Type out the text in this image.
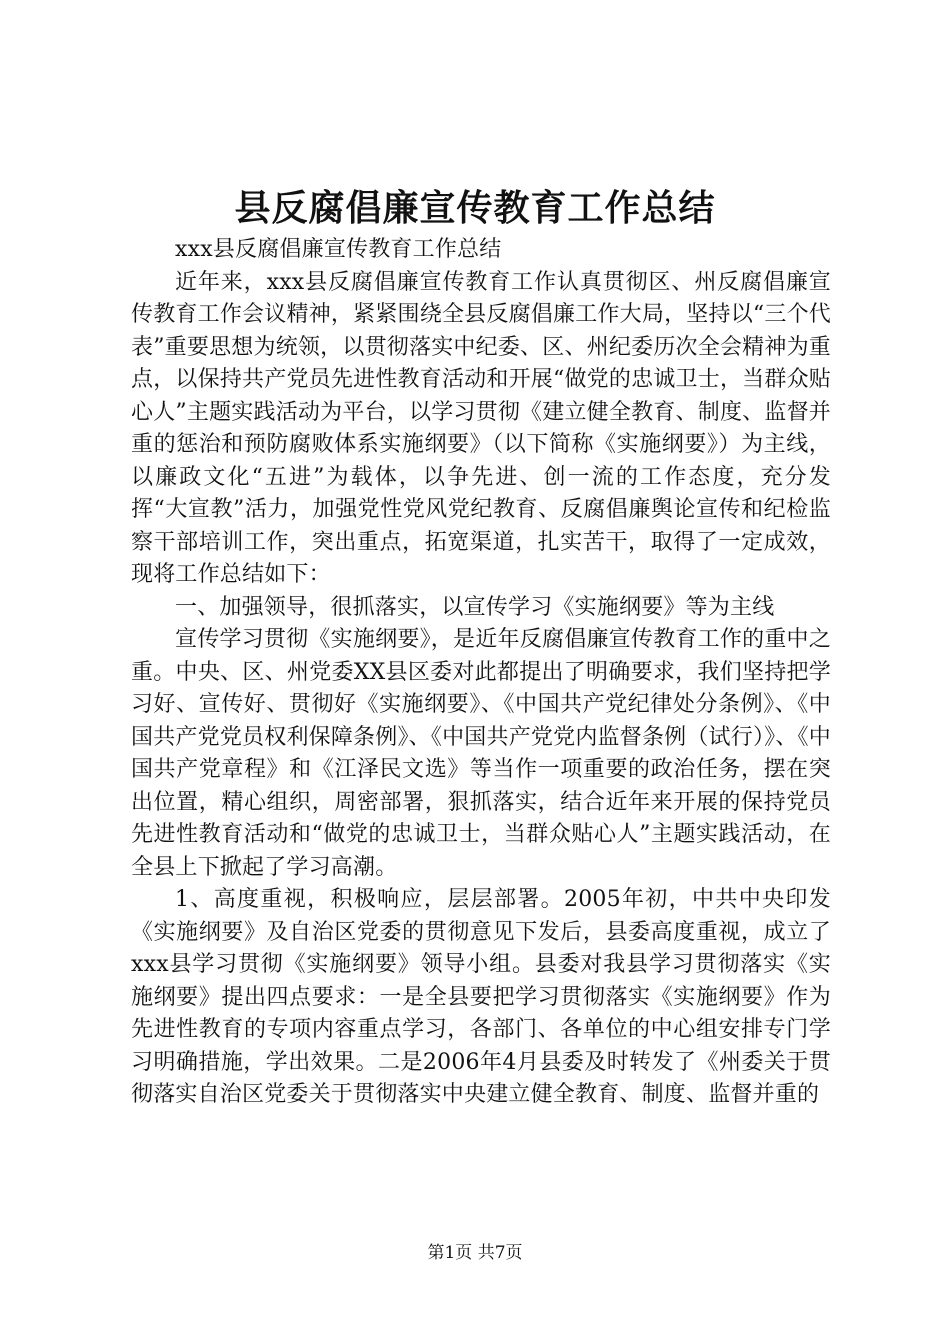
县反腐倡廉宣传教育工作总结

xxx县反腐倡廉宣传教育工作总结

近年来，xxx县反腐倡廉宣传教育工作认真贯彻区、州反腐倡廉宣传教育工作会议精神，紧紧围绕全县反腐倡廉工作大局，坚持以“三个代表”重要思想为统领，以贯彻落实中纪委、区、州纪委历次全会精神为重点，以保持共产党员先进性教育活动和开展“做党的忠诚卫士，当群众贴心人”主题实践活动为平台，以学习贯彻《建立健全教育、制度、监督并重的惩治和预防腐败体系实施纲要》（以下简称《实施纲要》）为主线，以廉政文化“五进”为载体，以争先进、创一流的工作态度，充分发挥“大宣教”活力，加强党性党风党纪教育、反腐倡廉舆论宣传和纪检监察干部培训工作，突出重点，拓宽渠道，扎实苦干，取得了一定成效，现将工作总结如下：

一、加强领导，很抓落实，以宣传学习《实施纲要》等为主线

宣传学习贯彻《实施纲要》，是近年反腐倡廉宣传教育工作的重中之重。中央、区、州党委XX县区委对此都提出了明确要求，我们坚持把学习好、宣传好、贯彻好《实施纲要》、《中国共产党纪律处分条例》、《中国共产党党员权利保障条例》、《中国共产党党内监督条例（试行）》、《中国共产党章程》和《江泽民文选》等当作一项重要的政治任务，摆在突出位置，精心组织，周密部署，狠抓落实，结合近年来开展的保持党员先进性教育活动和“做党的忠诚卫士，当群众贴心人”主题实践活动，在全县上下掀起了学习高潮。

1、高度重视，积极响应，层层部署。2005年初，中共中央印发《实施纲要》及自治区党委的贯彻意见下发后，县委高度重视，成立了xxx县学习贯彻《实施纲要》领导小组。县委对我县学习贯彻落实《实施纲要》提出四点要求：一是全县要把学习贯彻落实《实施纲要》作为先进性教育的专项内容重点学习，各部门、各单位的中心组安排专门学习明确措施，学出效果。二是2006年4月县委及时转发了《州委关于贯彻落实自治区党委关于贯彻落实中央建立健全教育、制度、监督并重的

第1页 共7页
